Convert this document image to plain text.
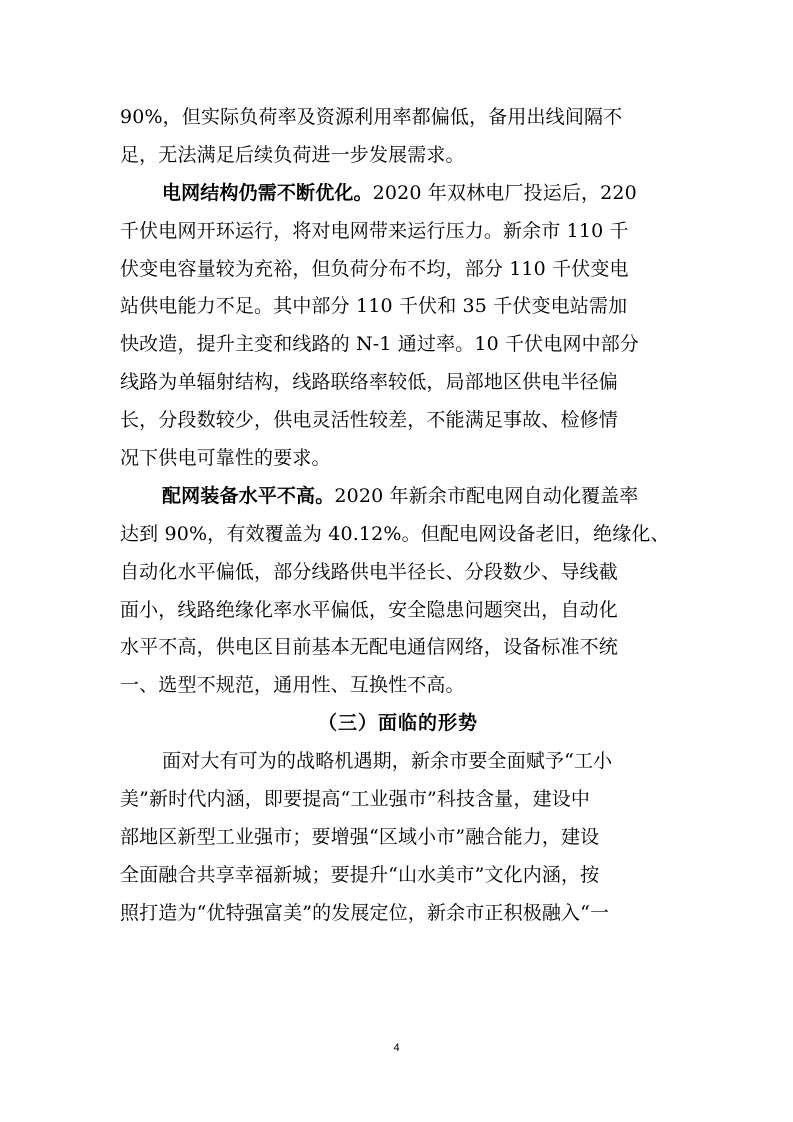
90%，但实际负荷率及资源利用率都偏低，备用出线间隔不
足，无法满足后续负荷进一步发展需求。
电网结构仍需不断优化。2020 年双林电厂投运后，220
千伏电网开环运行，将对电网带来运行压力。新余市 110 千
伏变电容量较为充裕，但负荷分布不均，部分 110 千伏变电
站供电能力不足。其中部分 110 千伏和 35 千伏变电站需加
快改造，提升主变和线路的 N-1 通过率。10 千伏电网中部分
线路为单辐射结构，线路联络率较低，局部地区供电半径偏
长，分段数较少，供电灵活性较差，不能满足事故、检修情
况下供电可靠性的要求。
配网装备水平不高。2020 年新余市配电网自动化覆盖率
达到 90%，有效覆盖为 40.12%。但配电网设备老旧，绝缘化、
自动化水平偏低，部分线路供电半径长、分段数少、导线截
面小，线路绝缘化率水平偏低，安全隐患问题突出，自动化
水平不高，供电区目前基本无配电通信网络，设备标准不统
一、选型不规范，通用性、互换性不高。
（三）面临的形势
面对大有可为的战略机遇期，新余市要全面赋予“工小
美”新时代内涵，即要提高“工业强市”科技含量，建设中
部地区新型工业强市；要增强“区域小市”融合能力，建设
全面融合共享幸福新城；要提升“山水美市”文化内涵，按
照打造为“优特强富美”的发展定位，新余市正积极融入“一
4
